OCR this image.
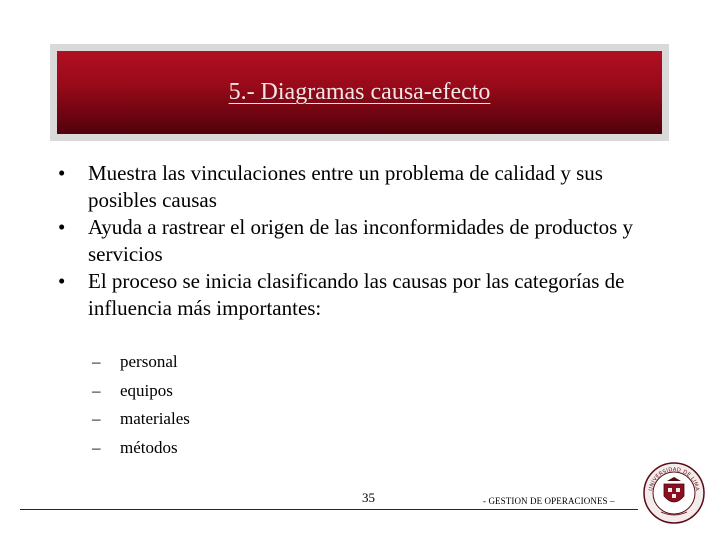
5.- Diagramas causa-efecto
•	Muestra las vinculaciones entre un problema de calidad y sus posibles causas
•	Ayuda a rastrear el origen de las inconformidades de productos y servicios
•	El proceso se inicia clasificando las causas por las categorías de influencia más importantes:
– personal
– equipos
– materiales
– métodos
35	- GESTION DE OPERACIONES –
UNIVERSIDAD DE LIMA
